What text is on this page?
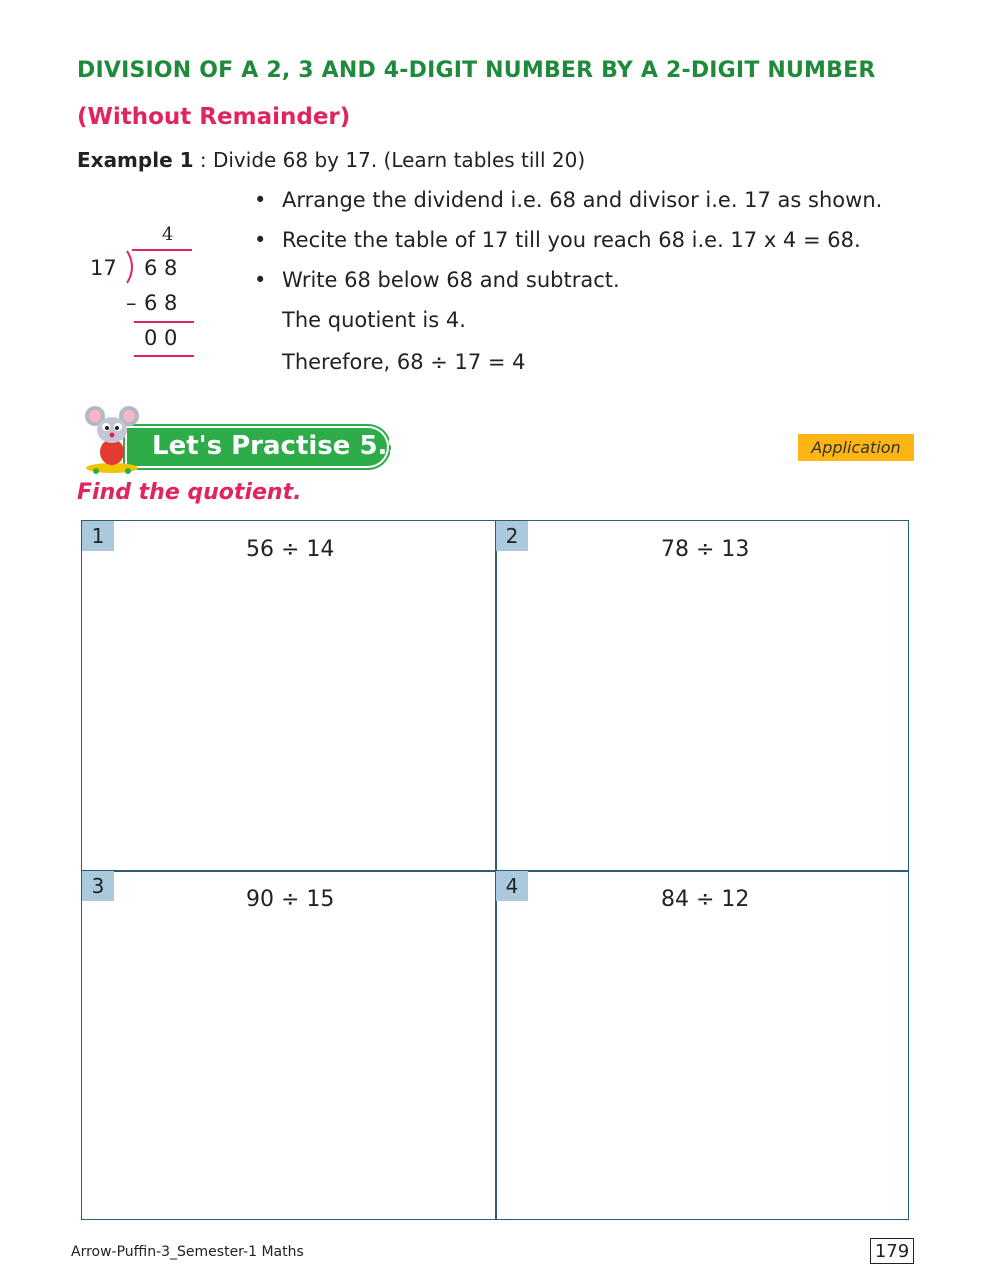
DIVISION OF A 2, 3 AND 4-DIGIT NUMBER BY A 2-DIGIT NUMBER
(Without Remainder)
Example 1 : Divide 68 by 17. (Learn tables till 20)
4
17 6 8
– 6 8
0 0
• Arrange the dividend i.e. 68 and divisor i.e. 17 as shown.
• Recite the table of 17 till you reach 68 i.e. 17 x 4 = 68.
• Write 68 below 68 and subtract.
The quotient is 4.
Therefore, 68 ÷ 17 = 4
Let's Practise 5.9	Application
Find the quotient.
1
56 ÷ 14
2
78 ÷ 13
3
90 ÷ 15
4
84 ÷ 12
Arrow-Puffin-3_Semester-1 Maths	179
